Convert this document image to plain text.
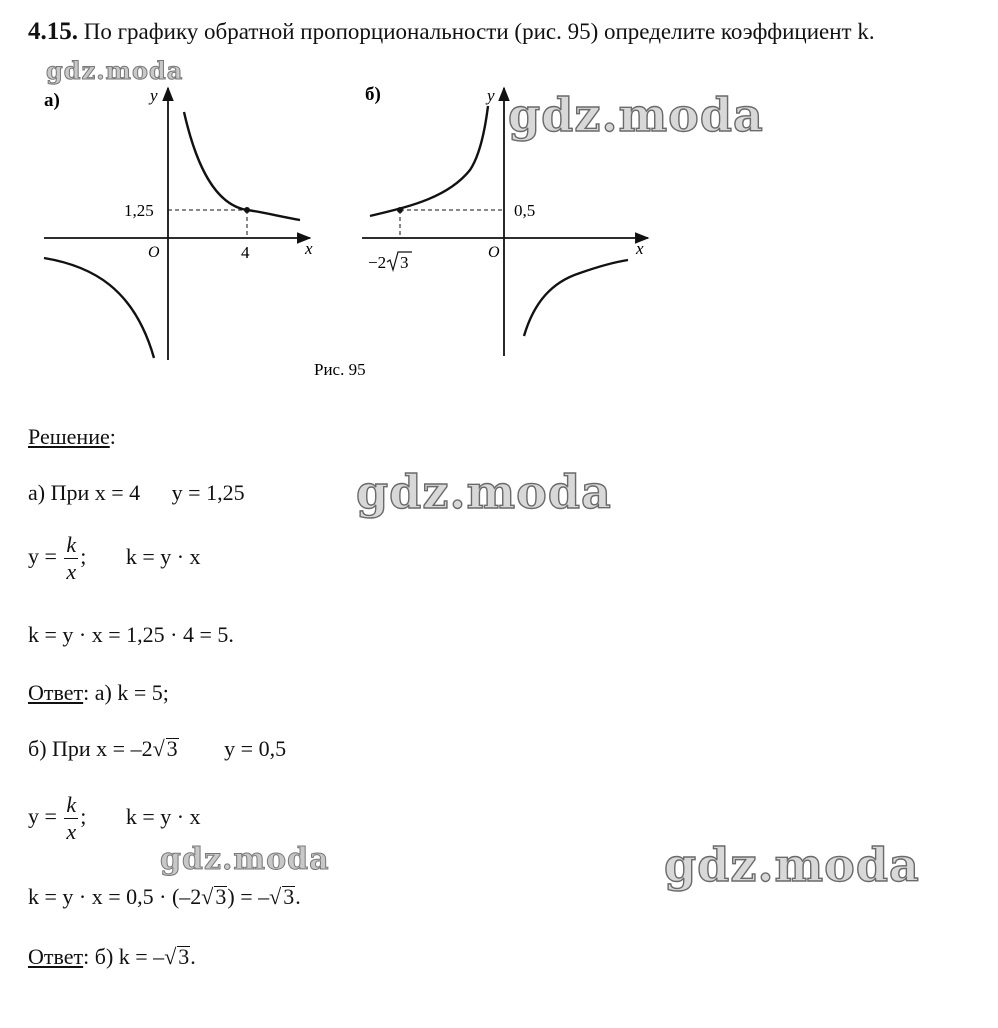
4.15. По графику обратной пропорциональности (рис. 95) определите коэффициент k.
gdz.moda
gdz.moda
gdz.moda
gdz.moda	gdz.moda
а)	y
x
O
1,25
4
б)	y
x
O
0,5
−2 3
Рис. 95
Решение:
а) При x = 4 y = 1,25
$y = \frac{k}{x}$ ; k = y · x
k = y · x = 1,25 · 4 = 5.
Ответ: а) k = 5;
б) При x = –2√3 y = 0,5
$y = \frac{k}{x}$ ; k = y · x
k = y · x = 0,5 · (–2√3) = –√3.
Ответ: б) k = –√3.
